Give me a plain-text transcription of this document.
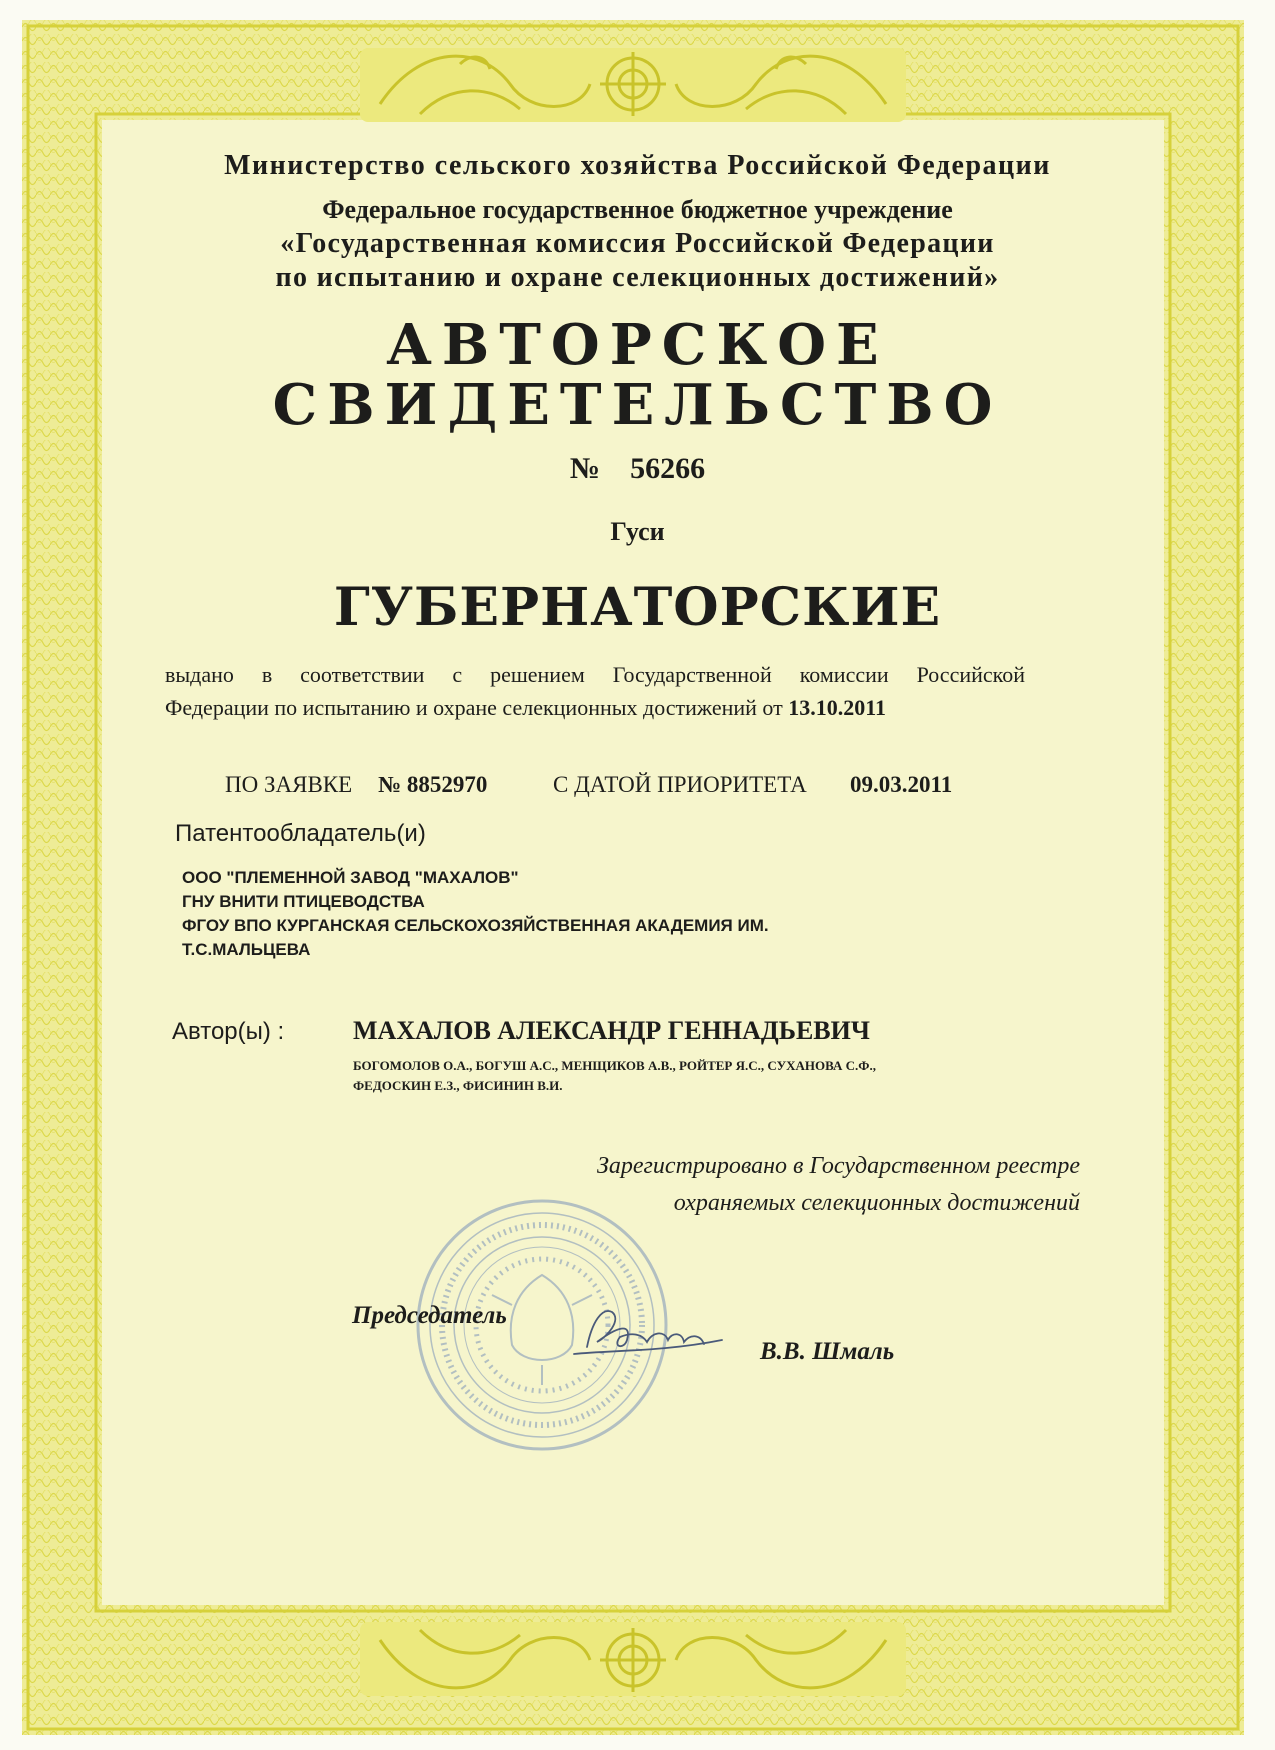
Министерство сельского хозяйства Российской Федерации
Федеральное государственное бюджетное учреждение
«Государственная комиссия Российской Федерации
по испытанию и охране селекционных достижений»
АВТОРСКОЕ
СВИДЕТЕЛЬСТВО
№ 56266
Гуси
ГУБЕРНАТОРСКИЕ
выдано в соответствии с решением Государственной комиссии Российской
Федерации по испытанию и охране селекционных достижений от 13.10.2011
ПО ЗАЯВКЕ № 8852970	С ДАТОЙ ПРИОРИТЕТА 09.03.2011
Патентообладатель(и)
ООО "ПЛЕМЕННОЙ ЗАВОД "МАХАЛОВ"
ГНУ ВНИТИ ПТИЦЕВОДСТВА
ФГОУ ВПО КУРГАНСКАЯ СЕЛЬСКОХОЗЯЙСТВЕННАЯ АКАДЕМИЯ ИМ.
Т.С.МАЛЬЦЕВА
Автор(ы) :	МАХАЛОВ АЛЕКСАНДР ГЕННАДЬЕВИЧ
БОГОМОЛОВ О.А., БОГУШ А.С., МЕНЩИКОВ А.В., РОЙТЕР Я.С., СУХАНОВА С.Ф.,
ФЕДОСКИН Е.З., ФИСИНИН В.И.
Зарегистрировано в Государственном реестре
охраняемых селекционных достижений
Председатель
В.В. Шмаль
